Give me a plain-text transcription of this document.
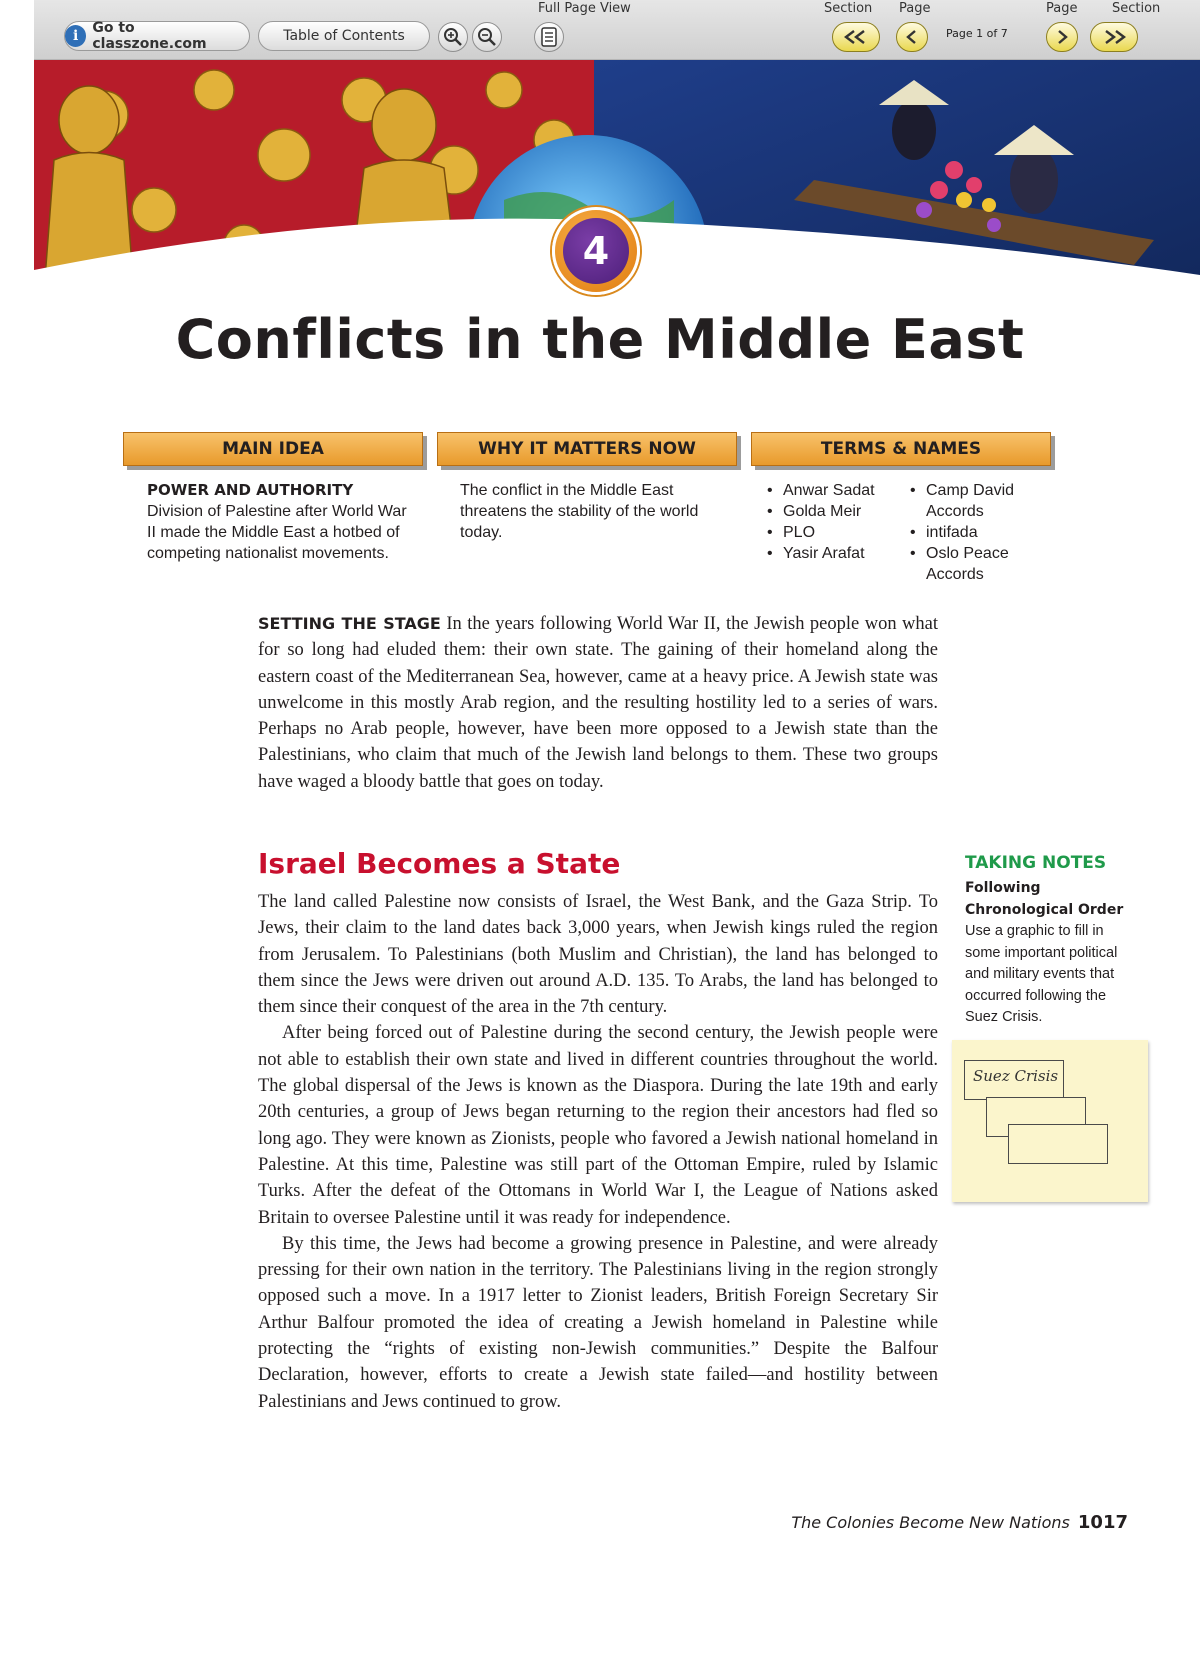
i	Go to classzone.com	Table of Contents
Full Page View	Section Page
Page 1 of 7
Page	Section
4
Conflicts in the Middle East
MAIN IDEA	WHY IT MATTERS NOW	TERMS & NAMES
POWER AND AUTHORITY
Division of Palestine after World War II made the Middle East a hotbed of competing nationalist movements.
The conflict in the Middle East threatens the stability of the world today.
• Anwar Sadat
• Golda Meir
• PLO
• Yasir Arafat
• Camp David Accords
• intifada
• Oslo Peace Accords
SETTING THE STAGE In the years following World War II, the Jewish people won what for so long had eluded them: their own state. The gaining of their homeland along the eastern coast of the Mediterranean Sea, however, came at a heavy price. A Jewish state was unwelcome in this mostly Arab region, and the resulting hostility led to a series of wars. Perhaps no Arab people, however, have been more opposed to a Jewish state than the Palestinians, who claim that much of the Jewish land belongs to them. These two groups have waged a bloody battle that goes on today.
Israel Becomes a State

The land called Palestine now consists of Israel, the West Bank, and the Gaza Strip. To Jews, their claim to the land dates back 3,000 years, when Jewish kings ruled the region from Jerusalem. To Palestinians (both Muslim and Christian), the land has belonged to them since the Jews were driven out around A.D. 135. To Arabs, the land has belonged to them since their conquest of the area in the 7th century.

After being forced out of Palestine during the second century, the Jewish people were not able to establish their own state and lived in different countries throughout the world. The global dispersal of the Jews is known as the Diaspora. During the late 19th and early 20th centuries, a group of Jews began returning to the region their ancestors had fled so long ago. They were known as Zionists, people who favored a Jewish national homeland in Palestine. At this time, Palestine was still part of the Ottoman Empire, ruled by Islamic Turks. After the defeat of the Ottomans in World War I, the League of Nations asked Britain to oversee Palestine until it was ready for independence.

By this time, the Jews had become a growing presence in Palestine, and were already pressing for their own nation in the territory. The Palestinians living in the region strongly opposed such a move. In a 1917 letter to Zionist leaders, British Foreign Secretary Sir Arthur Balfour promoted the idea of creating a Jewish homeland in Palestine while protecting the “rights of existing non-Jewish communities.” Despite the Balfour Declaration, however, efforts to create a Jewish state failed—and hostility between Palestinians and Jews continued to grow.

TAKING NOTES
Following Chronological Order Use a graphic to fill in some important political and military events that occurred following the Suez Crisis.
Suez Crisis
The Colonies Become New Nations 1017
